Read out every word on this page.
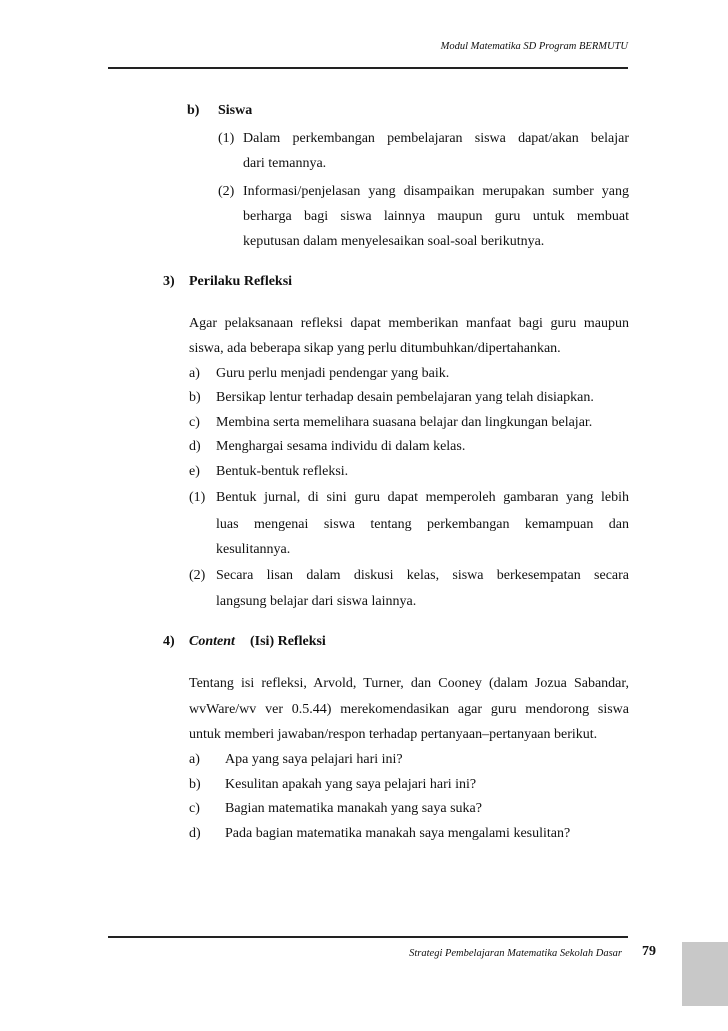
Modul Matematika SD Program BERMUTU
b)	Siswa
(1) Dalam perkembangan pembelajaran siswa dapat/akan belajar
dari temannya.
(2) Informasi/penjelasan yang disampaikan merupakan sumber yang
berharga bagi siswa lainnya maupun guru untuk membuat
keputusan dalam menyelesaikan soal-soal berikutnya.
3)	Perilaku Refleksi
Agar pelaksanaan refleksi dapat memberikan manfaat bagi guru maupun
siswa, ada beberapa sikap yang perlu ditumbuhkan/dipertahankan.
a)	Guru perlu menjadi pendengar yang baik.
b)	Bersikap lentur terhadap desain pembelajaran yang telah disiapkan.
c)	Membina serta memelihara suasana belajar dan lingkungan belajar.
d)	Menghargai sesama individu di dalam kelas.
e)	Bentuk-bentuk refleksi.
(1) Bentuk jurnal, di sini guru dapat memperoleh gambaran yang lebih
luas mengenai siswa tentang perkembangan kemampuan dan
kesulitannya.
(2) Secara lisan dalam diskusi kelas, siswa berkesempatan secara
langsung belajar dari siswa lainnya.
4)	Content	(Isi) Refleksi
Tentang isi refleksi, Arvold, Turner, dan Cooney (dalam Jozua Sabandar,
wvWare/wv ver 0.5.44) merekomendasikan agar guru mendorong siswa
untuk memberi jawaban/respon terhadap pertanyaan–pertanyaan berikut.
a)	Apa yang saya pelajari hari ini?
b)	Kesulitan apakah yang saya pelajari hari ini?
c)	Bagian matematika manakah yang saya suka?
d)	Pada bagian matematika manakah saya mengalami kesulitan?
Strategi Pembelajaran Matematika Sekolah Dasar 79
